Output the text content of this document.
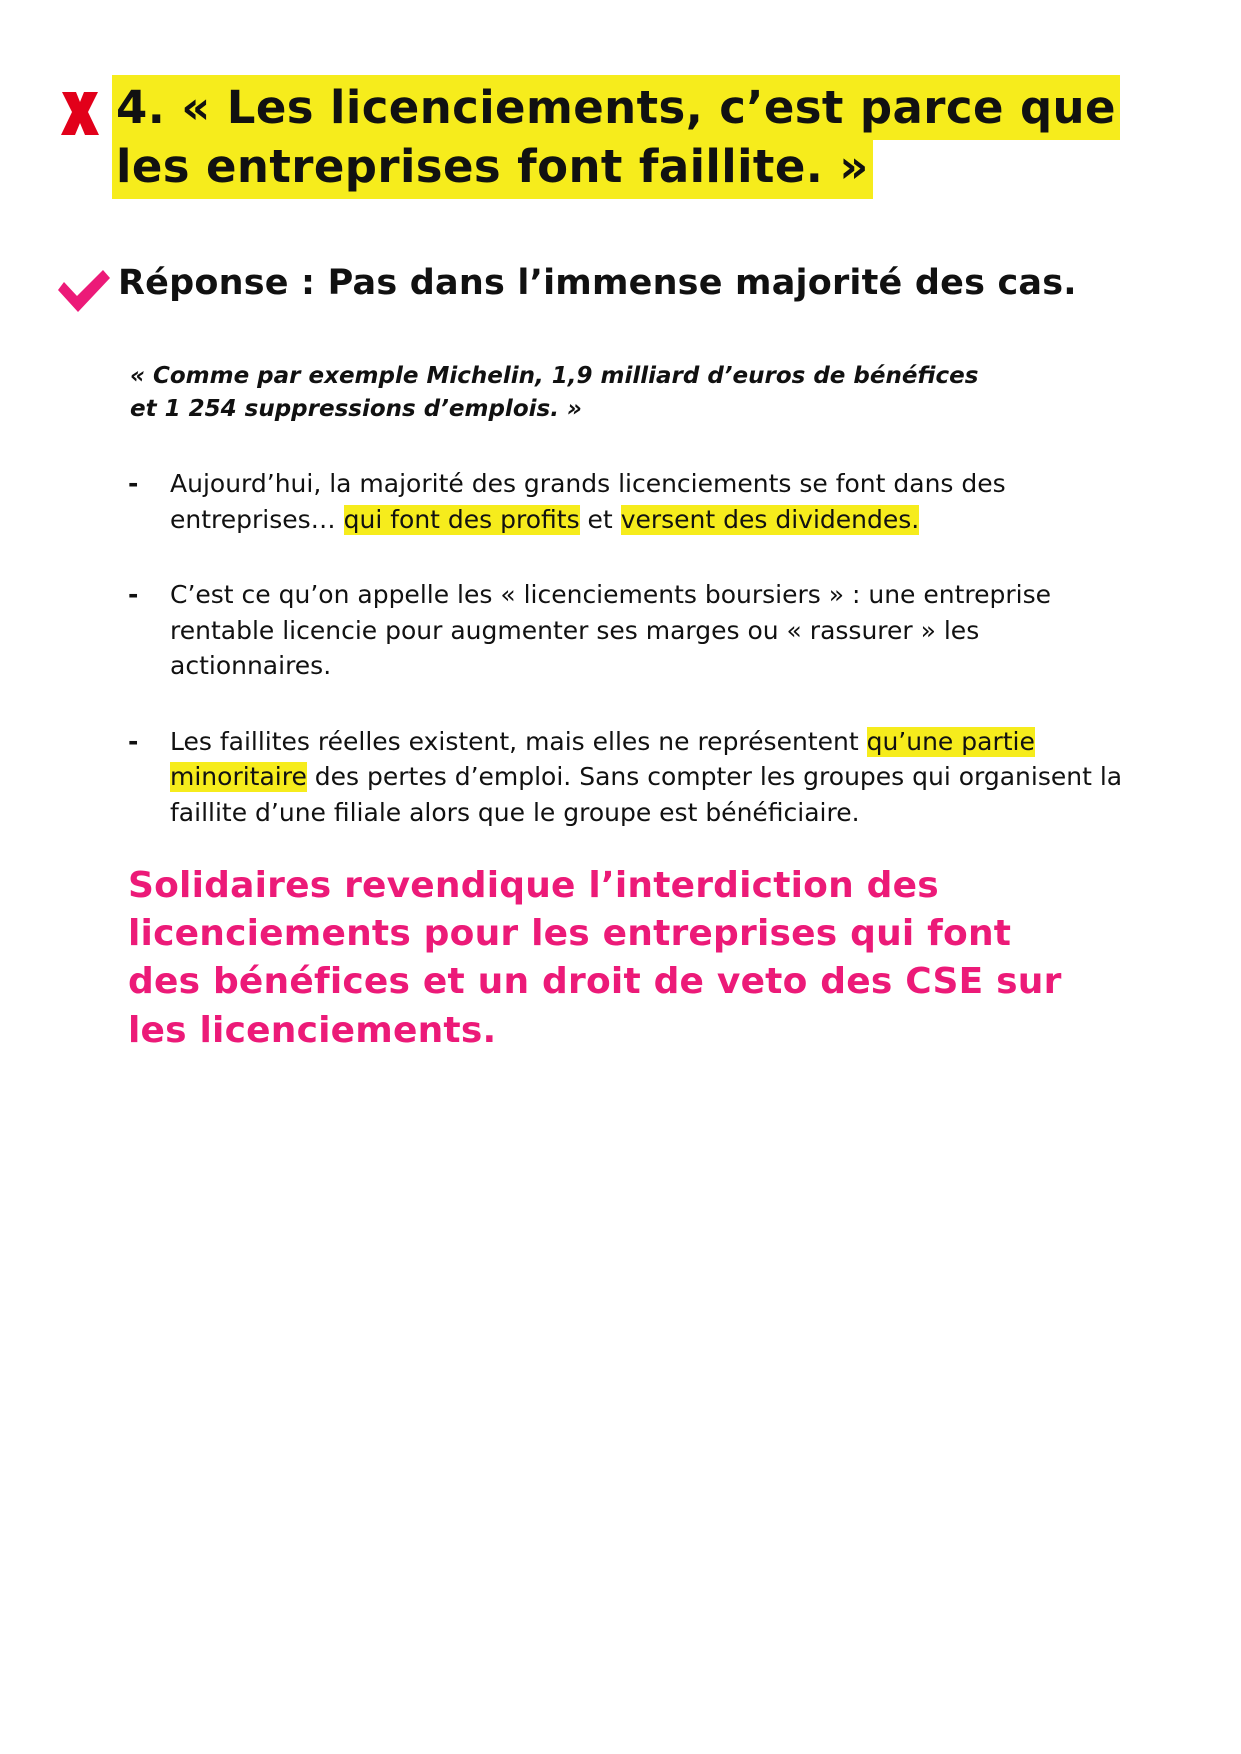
4. « Les licenciements, c’est parce que les entreprises font faillite. »
Réponse : Pas dans l’immense majorité des cas.
« Comme par exemple Michelin, 1,9 milliard d’euros de bénéfices et 1 254 suppressions d’emplois. »
- Aujourd’hui, la majorité des grands licenciements se font dans des entreprises… qui font des profits et versent des dividendes.
- C’est ce qu’on appelle les « licenciements boursiers » : une entreprise rentable licencie pour augmenter ses marges ou « rassurer » les actionnaires.
- Les faillites réelles existent, mais elles ne représentent qu’une partie minoritaire des pertes d’emploi. Sans compter les groupes qui organisent la faillite d’une filiale alors que le groupe est bénéficiaire.
Solidaires revendique l’interdiction des licenciements pour les entreprises qui font des bénéfices et un droit de veto des CSE sur les licenciements.
